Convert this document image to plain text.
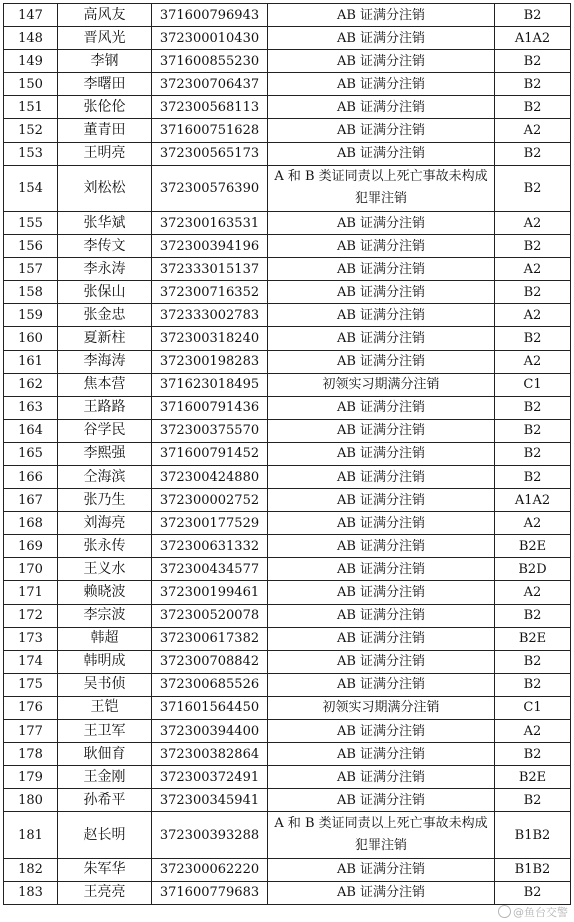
147	高风友	371600796943	AB 证满分注销	B2
148	晋风光	372300010430	AB 证满分注销	A1A2
149	李钢	371600855230	AB 证满分注销	B2
150	李曙田	372300706437	AB 证满分注销	B2
151	张伦伦	372300568113	AB 证满分注销	B2
152	董青田	371600751628	AB 证满分注销	A2
153	王明亮	372300565173	AB 证满分注销	B2
154	刘松松	372300576390	A 和 B 类证同责以上死亡事故未构成犯罪注销	B2
155	张华斌	372300163531	AB 证满分注销	A2
156	李传文	372300394196	AB 证满分注销	B2
157	李永涛	372333015137	AB 证满分注销	A2
158	张保山	372300716352	AB 证满分注销	B2
159	张金忠	372333002783	AB 证满分注销	A2
160	夏新柱	372300318240	AB 证满分注销	B2
161	李海涛	372300198283	AB 证满分注销	A2
162	焦本营	371623018495	初领实习期满分注销	C1
163	王路路	371600791436	AB 证满分注销	B2
164	谷学民	372300375570	AB 证满分注销	B2
165	李熙强	371600791452	AB 证满分注销	B2
166	仝海滨	372300424880	AB 证满分注销	B2
167	张乃生	372300002752	AB 证满分注销	A1A2
168	刘海亮	372300177529	AB 证满分注销	A2
169	张永传	372300631332	AB 证满分注销	B2E
170	王义水	372300434577	AB 证满分注销	B2D
171	赖晓波	372300199461	AB 证满分注销	A2
172	李宗波	372300520078	AB 证满分注销	B2
173	韩超	372300617382	AB 证满分注销	B2E
174	韩明成	372300708842	AB 证满分注销	B2
175	吴书侦	372300685526	AB 证满分注销	B2
176	王铠	371601564450	初领实习期满分注销	C1
177	王卫军	372300394400	AB 证满分注销	A2
178	耿佃育	372300382864	AB 证满分注销	B2
179	王金刚	372300372491	AB 证满分注销	B2E
180	孙希平	372300345941	AB 证满分注销	B2
181	赵长明	372300393288	A 和 B 类证同责以上死亡事故未构成犯罪注销	B1B2
182	朱军华	372300062220	AB 证满分注销	B1B2
183	王亮亮	371600779683	AB 证满分注销	B2
@鱼台交警
